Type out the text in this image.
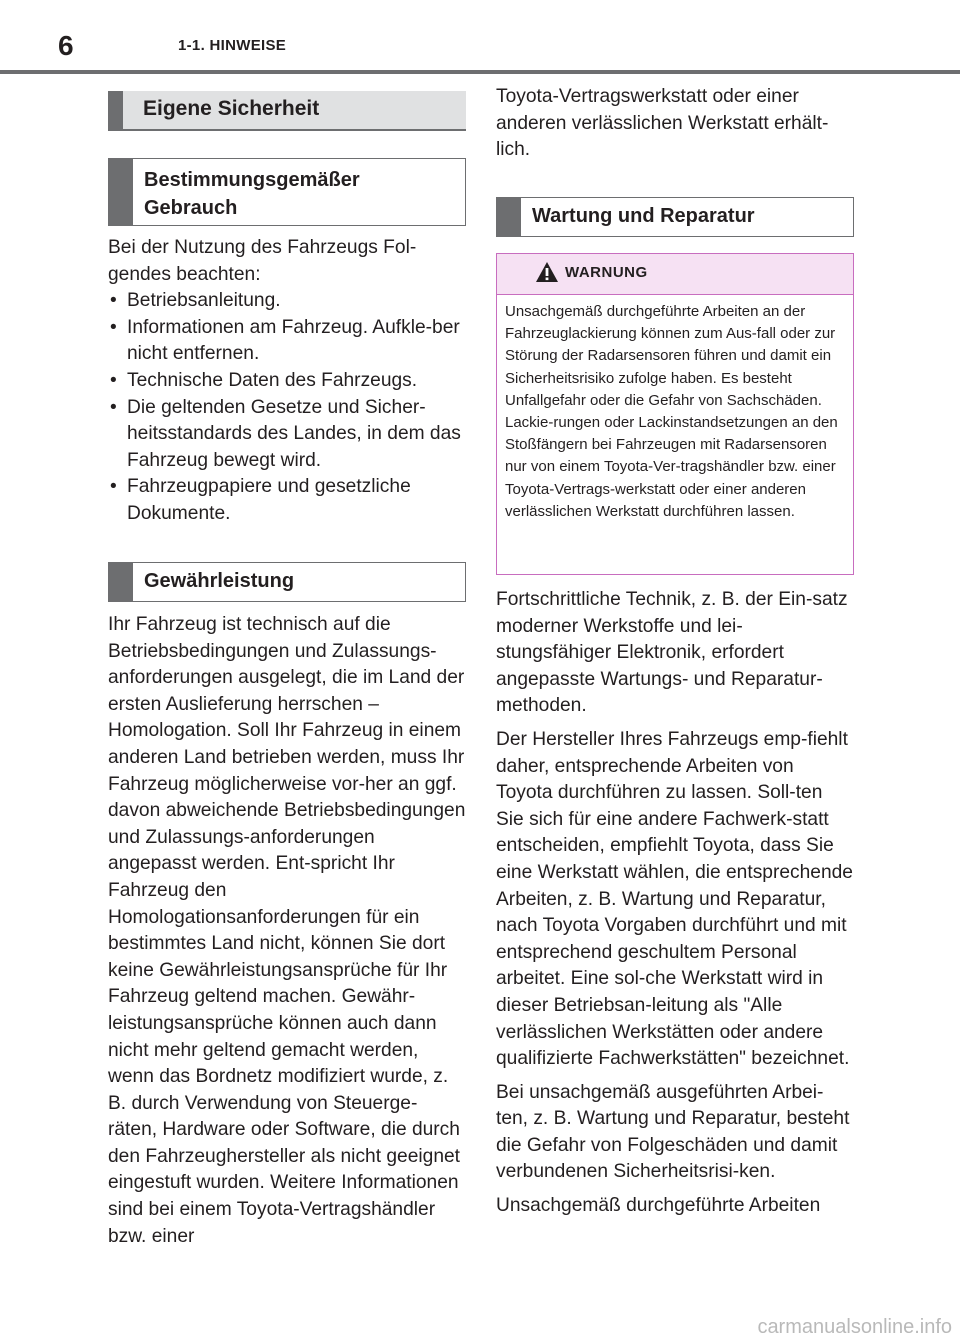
6	1-1. HINWEISE
Eigene Sicherheit
Bestimmungsgemäßer
Gebrauch

Bei der Nutzung des Fahrzeugs Fol-gendes beachten:

• Betriebsanleitung.
• Informationen am Fahrzeug. Aufkle-ber nicht entfernen.
• Technische Daten des Fahrzeugs.
• Die geltenden Gesetze und Sicher-heitsstandards des Landes, in dem das Fahrzeug bewegt wird.
• Fahrzeugpapiere und gesetzliche Dokumente.
Gewährleistung

Ihr Fahrzeug ist technisch auf die Betriebsbedingungen und Zulassungs-anforderungen ausgelegt, die im Land der ersten Auslieferung herrschen – Homologation. Soll Ihr Fahrzeug in einem anderen Land betrieben werden, muss Ihr Fahrzeug möglicherweise vor-her an ggf. davon abweichende Betriebsbedingungen und Zulassungs-anforderungen angepasst werden. Ent-spricht Ihr Fahrzeug den Homologationsanforderungen für ein bestimmtes Land nicht, können Sie dort keine Gewährleistungsansprüche für Ihr Fahrzeug geltend machen. Gewähr-leistungsansprüche können auch dann nicht mehr geltend gemacht werden, wenn das Bordnetz modifiziert wurde, z. B. durch Verwendung von Steuerge-räten, Hardware oder Software, die durch den Fahrzeughersteller als nicht geeignet eingestuft wurden. Weitere Informationen sind bei einem Toyota-Vertragshändler bzw. einer

Toyota-Vertragswerkstatt oder einer anderen verlässlichen Werkstatt erhält-lich.

Wartung und Reparatur
WARNUNG
Unsachgemäß durchgeführte Arbeiten an der Fahrzeuglackierung können zum Aus-fall oder zur Störung der Radarsensoren führen und damit ein Sicherheitsrisiko zufolge haben. Es besteht Unfallgefahr oder die Gefahr von Sachschäden. Lackie-rungen oder Lackinstandsetzungen an den Stoßfängern bei Fahrzeugen mit Radarsensoren nur von einem Toyota-Ver-tragshändler bzw. einer Toyota-Vertrags-werkstatt oder einer anderen verlässlichen Werkstatt durchführen lassen.

Fortschrittliche Technik, z. B. der Ein-satz moderner Werkstoffe und lei-stungsfähiger Elektronik, erfordert angepasste Wartungs- und Reparatur-methoden.

Der Hersteller Ihres Fahrzeugs emp-fiehlt daher, entsprechende Arbeiten von Toyota durchführen zu lassen. Soll-ten Sie sich für eine andere Fachwerk-statt entscheiden, empfiehlt Toyota, dass Sie eine Werkstatt wählen, die entsprechende Arbeiten, z. B. Wartung und Reparatur, nach Toyota Vorgaben durchführt und mit entsprechend geschultem Personal arbeitet. Eine sol-che Werkstatt wird in dieser Betriebsan-leitung als "Alle verlässlichen Werkstätten oder andere qualifizierte Fachwerkstätten" bezeichnet.

Bei unsachgemäß ausgeführten Arbei-ten, z. B. Wartung und Reparatur, besteht die Gefahr von Folgeschäden und damit verbundenen Sicherheitsrisi-ken.

Unsachgemäß durchgeführte Arbeiten

carmanualsonline.info
